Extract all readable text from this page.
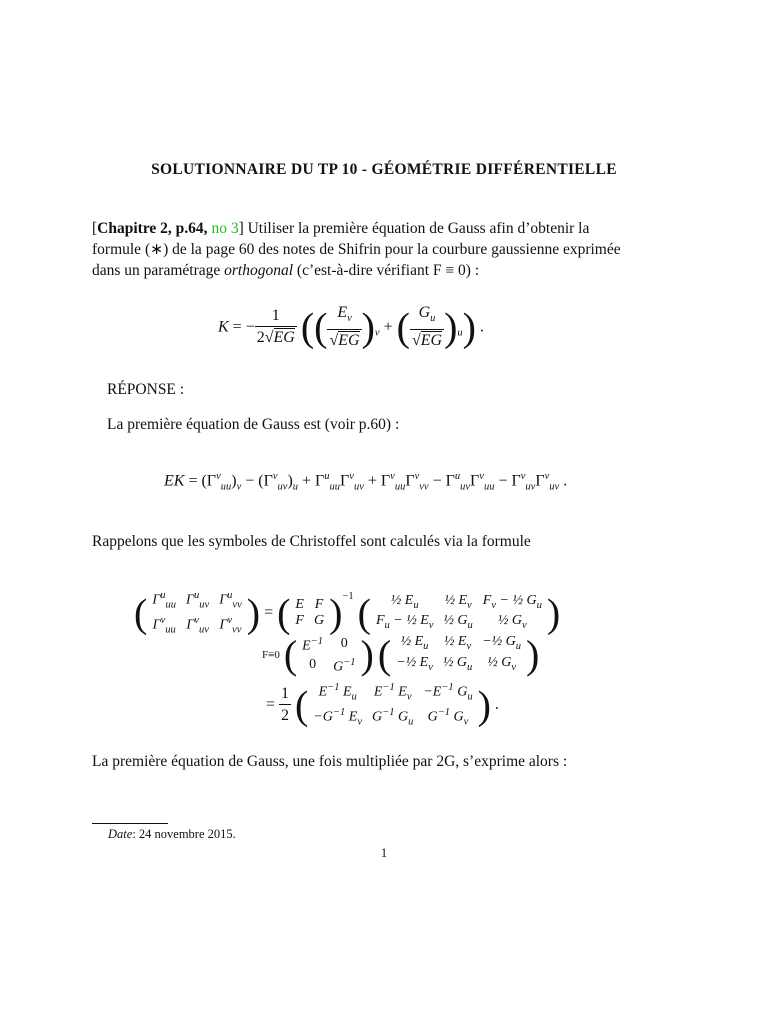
SOLUTIONNAIRE DU TP 10 - GÉOMÉTRIE DIFFÉRENTIELLE
[Chapitre 2, p.64, no 3] Utiliser la première équation de Gauss afin d’obtenir la formule (∗) de la page 60 des notes de Shifrin pour la courbure gaussienne exprimée dans un paramétrage orthogonal (c’est-à-dire vérifiant F ≡ 0) :
K = − $\frac{1}{2√EG}$ (( $\frac{E_v}{√EG} )_v$ + ( $\frac{G_u}{√EG} )_u$) .
RÉPONSE :
La première équation de Gauss est (voir p.60) :
EK = $(\Gamma^v_{uu})_v - (\Gamma^v_{uv})_u + \Gamma^u_{uu}\Gamma^v_{uv} + \Gamma^v_{uu}\Gamma^v_{vv} - \Gamma^u_{uv}\Gamma^v_{uu} - \Gamma^v_{uv}\Gamma^v_{uv}$ .
Rappelons que les symboles de Christoffel sont calculés via la formule
( $\Gamma^u_{uu}$	$\Gamma^u_{uv}$	$\Gamma^u_{vv}$
$\Gamma^v_{uu}$	$\Gamma^v_{uv}$	$\Gamma^v_{vv}$ ) = ( E	F
F	G )$^{-1}$ ( ½ $E_u$	½ $E_v$	$F_v$ − ½ $G_u$
$F_u$ − ½ $E_v$	½ $G_u$	½ $G_v$ )
F≡0 ( $E^{-1}$	0
0	$G^{-1}$ ) ( ½ $E_u$	½ $E_v$	−½ $G_u$
−½ $E_v$	½ $G_u$	½ $G_v$ )
= $\frac{1}{2}$ ( $E^{-1}$ $E_u$	$E^{-1}$ $E_v$	$-E^{-1}$ $G_u$
$-G^{-1}$ $E_v$	$G^{-1}$ $G_u$	$G^{-1}$ $G_v$ ) .
La première équation de Gauss, une fois multipliée par 2G, s’exprime alors :
Date: 24 novembre 2015.
1
